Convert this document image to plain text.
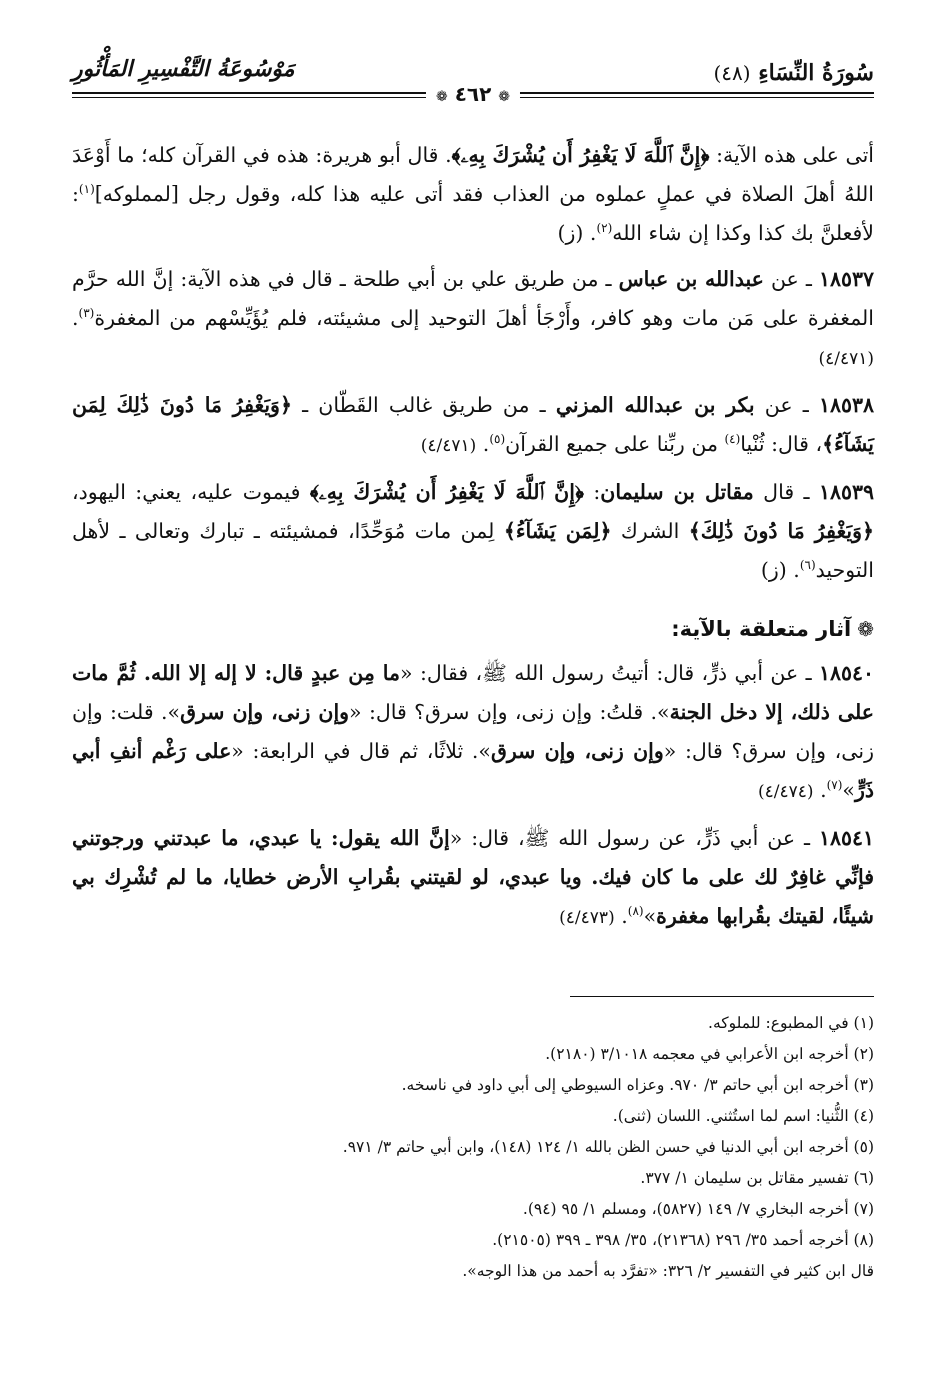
سُورَةُ النِّسَاءِ (٤٨)
مَوْسُوعَةُ التَّفْسِيرِ المَأْثُورِ
❁ ٤٦٢ ❁

أتى على هذه الآية: ﴿إِنَّ ٱللَّهَ لَا يَغْفِرُ أَن يُشْرَكَ بِهِۦ﴾. قال أبو هريرة: هذه في القرآن كله؛ ما أَوْعَدَ اللهُ أهلَ الصلاة في عملٍ عملوه من العذاب فقد أتى عليه هذا كله، وقول رجل [لمملوكه]$^{(١)}$: لأفعلنَّ بك كذا وكذا إن شاء الله$^{(٢)}$. (ز)

١٨٥٣٧ ـ عن عبدالله بن عباس ـ من طريق علي بن أبي طلحة ـ قال في هذه الآية: إنَّ الله حرَّم المغفرة على مَن مات وهو كافر، وأَرْجَأ أهلَ التوحيد إلى مشيئته، فلم يُؤَيِّسْهم من المغفرة$^{(٣)}$. (٤/٤٧١)

١٨٥٣٨ ـ عن بكر بن عبدالله المزني ـ من طريق غالب القَطّان ـ ﴿وَيَغْفِرُ مَا دُونَ ذَٰلِكَ لِمَن يَشَآءُ﴾، قال: ثُنْيا$^{(٤)}$ من ربِّنا على جميع القرآن$^{(٥)}$. (٤/٤٧١)

١٨٥٣٩ ـ قال مقاتل بن سليمان: ﴿إِنَّ ٱللَّهَ لَا يَغْفِرُ أَن يُشْرَكَ بِهِۦ﴾ فيموت عليه، يعني: اليهود، ﴿وَيَغْفِرُ مَا دُونَ ذَٰلِكَ﴾ الشرك ﴿لِمَن يَشَآءُ﴾ لِمن مات مُوَحِّدًا، فمشيئته ـ تبارك وتعالى ـ لأهل التوحيد$^{(٦)}$. (ز)

❁آثار متعلقة بالآية:

١٨٥٤٠ ـ عن أبي ذرٍّ، قال: أتيتُ رسول الله ﷺ، فقال: «ما مِن عبدٍ قال: لا إله إلا الله. ثُمَّ مات على ذلك، إلا دخل الجنة». قلتُ: وإن زنى، وإن سرق؟ قال: «وإن زنى، وإن سرق». قلت: وإن زنى، وإن سرق؟ قال: «وإن زنى، وإن سرق». ثلاثًا، ثم قال في الرابعة: «على رَغْم أنفِ أبي ذَرٍّ»$^{(٧)}$. (٤/٤٧٤)

١٨٥٤١ ـ عن أبي ذَرٍّ، عن رسول الله ﷺ، قال: «إنَّ الله يقول: يا عبدي، ما عبدتني ورجوتني فإنِّي غافِرٌ لك على ما كان فيك. ويا عبدي، لو لقيتني بقُرابِ الأرض خطايا، ما لم تُشْرِك بي شيئًا، لقيتك بقُرابها مغفرة»$^{(٨)}$. (٤/٤٧٣)

(١) في المطبوع: للملوكه.

(٢) أخرجه ابن الأعرابي في معجمه ٣/١٠١٨ (٢١٨٠).

(٣) أخرجه ابن أبي حاتم ٣/ ٩٧٠. وعزاه السيوطي إلى أبي داود في ناسخه.

(٤) الثُّنيا: اسم لما استُثني. اللسان (ثنى).

(٥) أخرجه ابن أبي الدنيا في حسن الظن بالله ١/ ١٢٤ (١٤٨)، وابن أبي حاتم ٣/ ٩٧١.

(٦) تفسير مقاتل بن سليمان ١/ ٣٧٧.

(٧) أخرجه البخاري ٧/ ١٤٩ (٥٨٢٧)، ومسلم ١/ ٩٥ (٩٤).

(٨) أخرجه أحمد ٣٥/ ٢٩٦ (٢١٣٦٨)، ٣٥/ ٣٩٨ ـ ٣٩٩ (٢١٥٠٥).

قال ابن كثير في التفسير ٢/ ٣٢٦: «تفرَّد به أحمد من هذا الوجه».
